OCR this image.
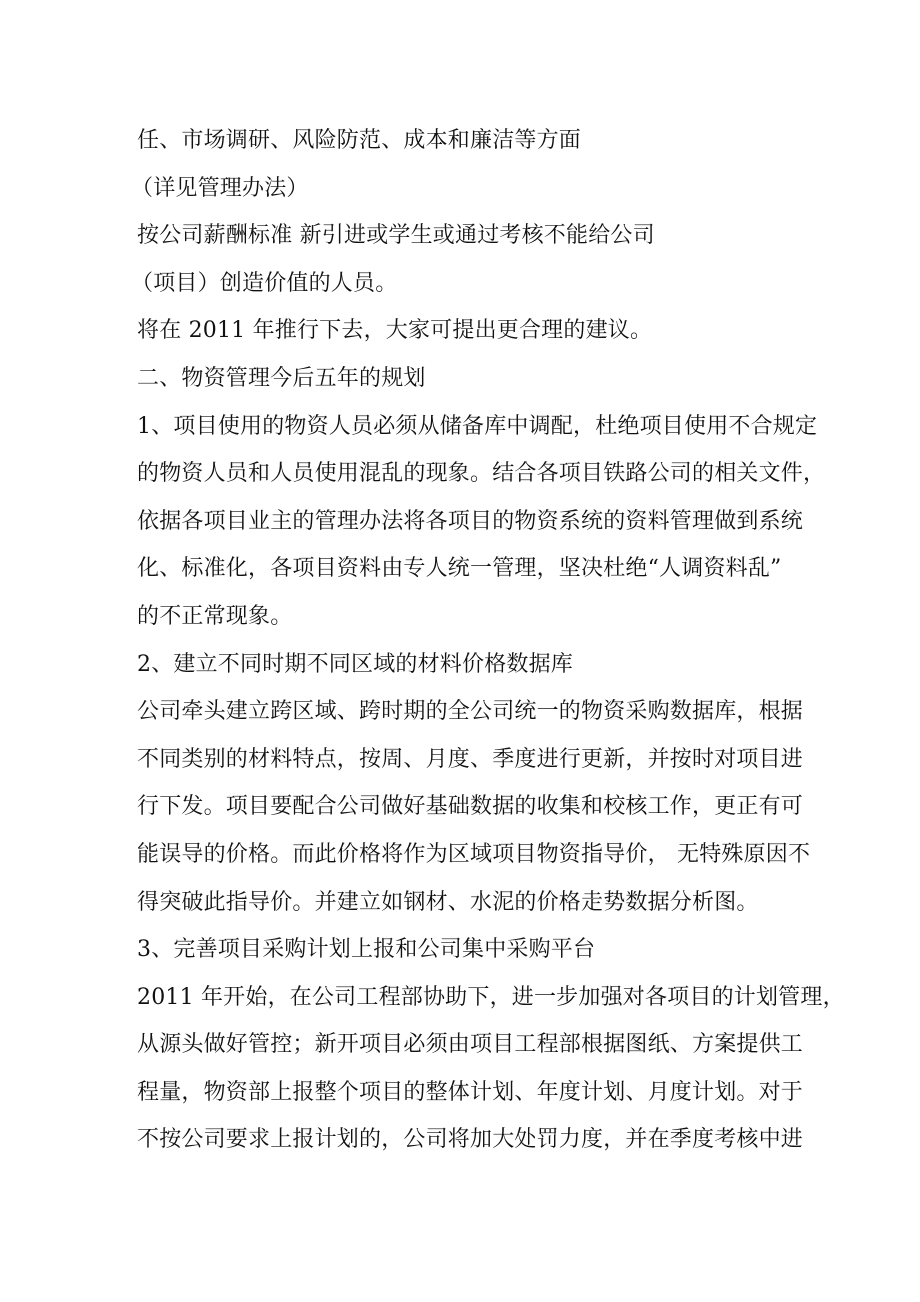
任、市场调研、风险防范、成本和廉洁等方面
（详见管理办法）
按公司薪酬标准 新引进或学生或通过考核不能给公司
（项目）创造价值的人员。
将在 2011 年推行下去，大家可提出更合理的建议。
二、物资管理今后五年的规划
1、项目使用的物资人员必须从储备库中调配，杜绝项目使用不合规定
的物资人员和人员使用混乱的现象。结合各项目铁路公司的相关文件，
依据各项目业主的管理办法将各项目的物资系统的资料管理做到系统
化、标准化，各项目资料由专人统一管理，坚决杜绝“人调资料乱”
的不正常现象。
2、建立不同时期不同区域的材料价格数据库
公司牵头建立跨区域、跨时期的全公司统一的物资采购数据库，根据
不同类别的材料特点，按周、月度、季度进行更新，并按时对项目进
行下发。项目要配合公司做好基础数据的收集和校核工作，更正有可
能误导的价格。而此价格将作为区域项目物资指导价， 无特殊原因不
得突破此指导价。并建立如钢材、水泥的价格走势数据分析图。
3、完善项目采购计划上报和公司集中采购平台
2011 年开始，在公司工程部协助下，进一步加强对各项目的计划管理，
从源头做好管控；新开项目必须由项目工程部根据图纸、方案提供工
程量，物资部上报整个项目的整体计划、年度计划、月度计划。对于
不按公司要求上报计划的，公司将加大处罚力度，并在季度考核中进
